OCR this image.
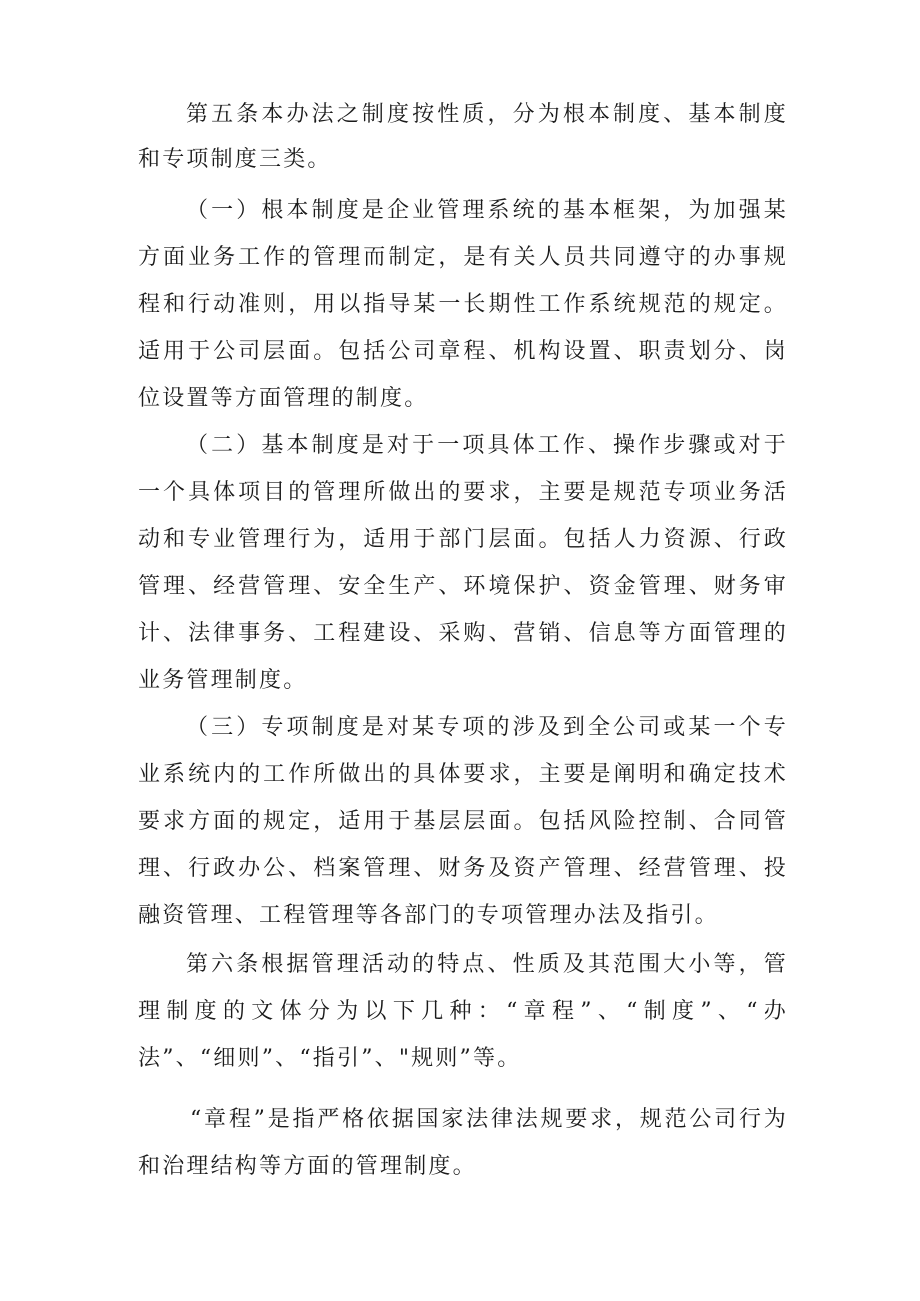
第五条本办法之制度按性质，分为根本制度、基本制度和专项制度三类。

（一）根本制度是企业管理系统的基本框架，为加强某方面业务工作的管理而制定，是有关人员共同遵守的办事规程和行动准则，用以指导某一长期性工作系统规范的规定。适用于公司层面。包括公司章程、机构设置、职责划分、岗位设置等方面管理的制度。

（二）基本制度是对于一项具体工作、操作步骤或对于一个具体项目的管理所做出的要求，主要是规范专项业务活动和专业管理行为，适用于部门层面。包括人力资源、行政管理、经营管理、安全生产、环境保护、资金管理、财务审计、法律事务、工程建设、采购、营销、信息等方面管理的业务管理制度。

（三）专项制度是对某专项的涉及到全公司或某一个专业系统内的工作所做出的具体要求，主要是阐明和确定技术要求方面的规定，适用于基层层面。包括风险控制、合同管理、行政办公、档案管理、财务及资产管理、经营管理、投融资管理、工程管理等各部门的专项管理办法及指引。

第六条根据管理活动的特点、性质及其范围大小等，管理制度的文体分为以下几种：“章程”、“制度”、“办法”、“细则”、“指引”、"规则”等。

“章程”是指严格依据国家法律法规要求，规范公司行为和治理结构等方面的管理制度。
